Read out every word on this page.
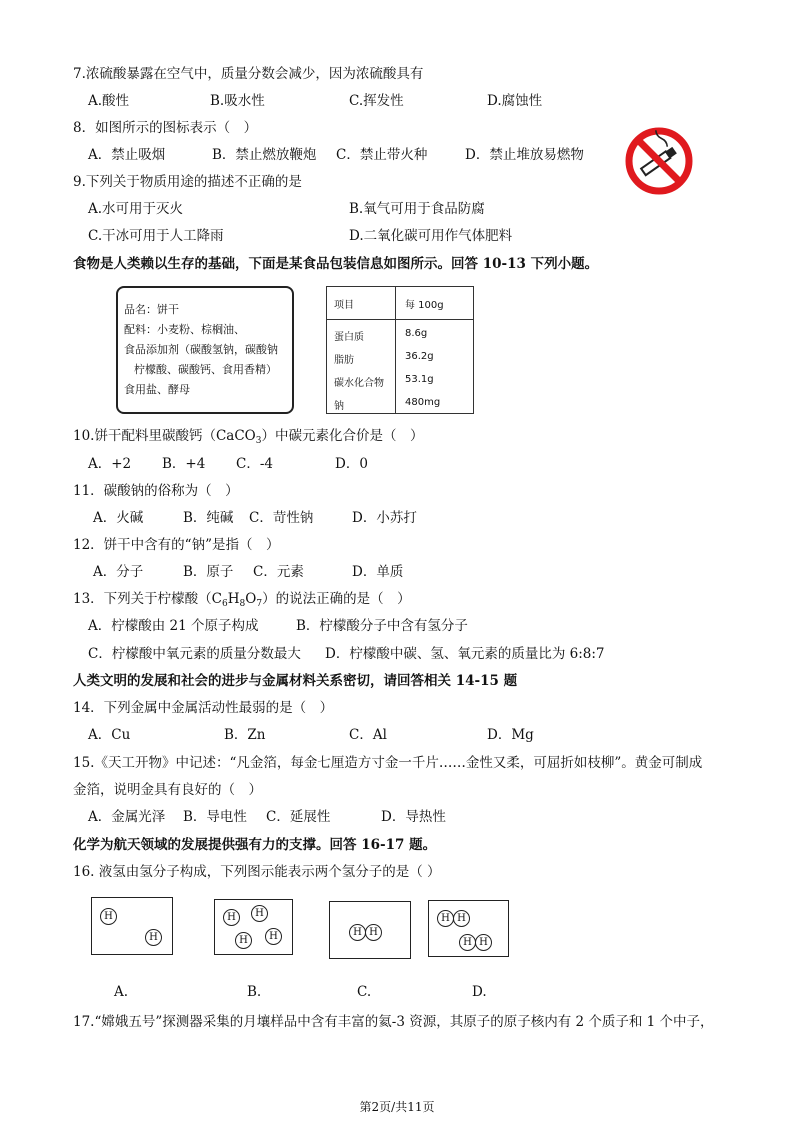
7.浓硫酸暴露在空气中，质量分数会减少，因为浓硫酸具有
A.酸性	B.吸水性	C.挥发性	D.腐蚀性
8．如图所示的图标表示（　）
A．禁止吸烟	B．禁止燃放鞭炮 C．禁止带火种	D．禁止堆放易燃物
9.下列关于物质用途的描述不正确的是
A.水可用于灭火	B.氧气可用于食品防腐
C.干冰可用于人工降雨	D.二氧化碳可用作气体肥料
食物是人类赖以生存的基础，下面是某食品包装信息如图所示。回答 10-13 下列小题。
品名：饼干
配料：小麦粉、棕榈油、
食品添加剂（碳酸氢钠，碳酸钠
柠檬酸、碳酸钙、食用香精）
食用盐、酵母
项目	每 100g
蛋白质	8.6g
脂肪	36.2g
碳水化合物 53.1g
钠	480mg
10.饼干配料里碳酸钙（CaCO$_3$）中碳元素化合价是（　）
A．+2 B．+4 C．-4	D．0
11．碳酸钠的俗称为（　）
A．火碱	B．纯碱 C．苛性钠	D．小苏打
12．饼干中含有的“钠”是指（　）
A．分子	B．原子 C．元素	D．单质
13．下列关于柠檬酸$(C_6H_8O_7)$的说法正确的是（　）
A．柠檬酸由 21 个原子构成	B．柠檬酸分子中含有氢分子
C．柠檬酸中氧元素的质量分数最大 D．柠檬酸中碳、氢、氧元素的质量比为 6:8:7
人类文明的发展和社会的进步与金属材料关系密切，请回答相关 14-15 题
14．下列金属中金属活动性最弱的是（　）
A．Cu	B．Zn	C．Al	D．Mg
15.《天工开物》中记述：“凡金箔，每金七厘造方寸金一千片……金性又柔，可屈折如枝柳”。黄金可制成
金箔，说明金具有良好的（　）
A．金属光泽 B．导电性 C．延展性	D．导热性
化学为航天领域的发展提供强有力的支撑。回答 16-17 题。
16. 液氢由氢分子构成，下列图示能表示两个氢分子的是（ ）
H
H
H	H
H	H	H H
H H
H H
A.	B.	C.	D.
17.“嫦娥五号”探测器采集的月壤样品中含有丰富的氦-3 资源，其原子的原子核内有 2 个质子和 1 个中子，
第2页/共11页
